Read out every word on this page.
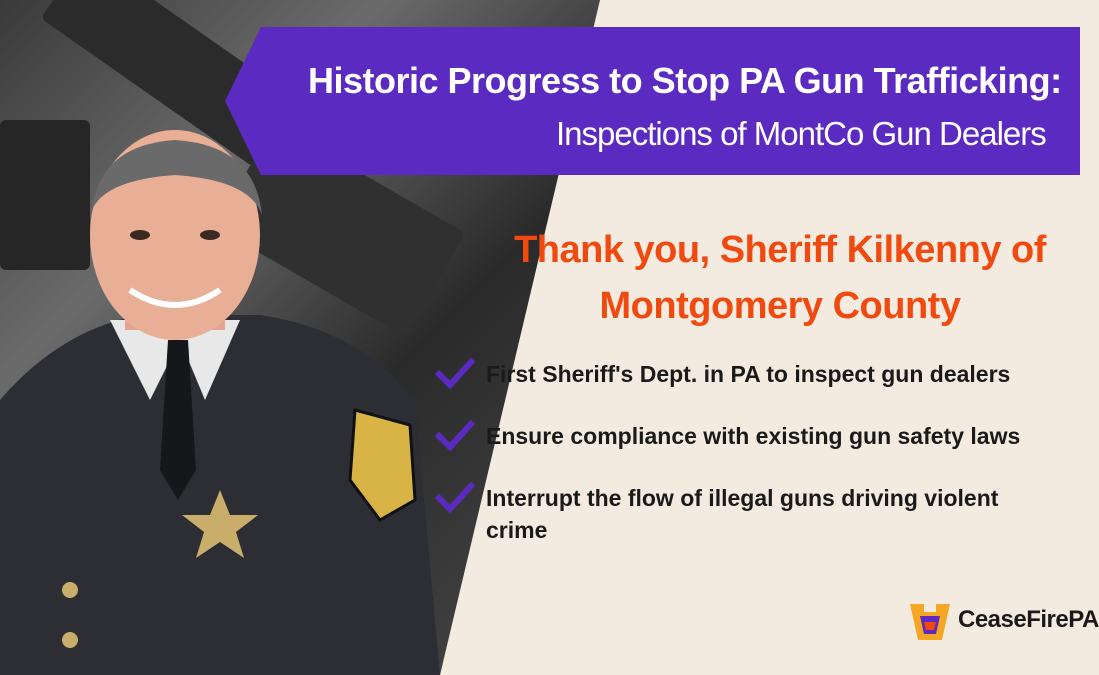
Historic Progress to Stop PA Gun Trafficking:
Inspections of MontCo Gun Dealers
Thank you, Sheriff Kilkenny of
Montgomery County
First Sheriff's Dept. in PA to inspect gun dealers
Ensure compliance with existing gun safety laws
Interrupt the flow of illegal guns driving violent crime
CeaseFirePA
